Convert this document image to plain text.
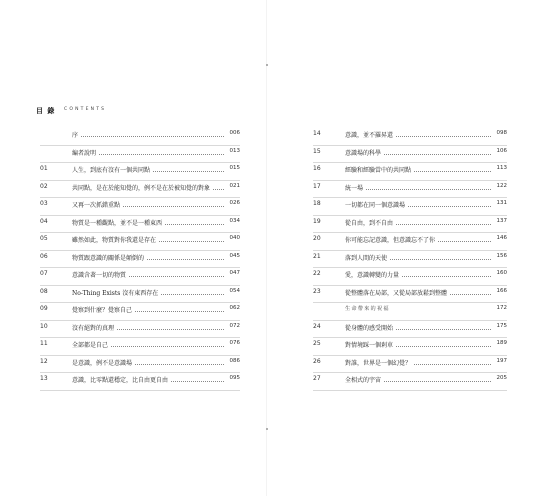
目 錄 CONTENTS
序	006
編者說明	013
01	人生，到底有沒有一個共同點	015
02	共同點，是在於能知覺的，例不是在於被知覺的對象	021
03	又再一次抓錯重點	026
04	物質是一種觀點，並不是一種東西	034
05	雖然如此，物質對你我還是存在	040
06	物質跟意識的關係是顛倒的	045
07	意識含著一切的物質	047
08	No-Thing Exists 沒有東西存在	054
09	覺察到什麼？覺察自己	062
10	沒有絕對的真理	072
11	全部都是自己	076
12	是意識，例不是意識場	086
13	意識，比零點還穩定，比自由更自由	095
14	意識，並不羅昇還	098
15	意識場的科學	106
16	經驗和經驗當中的共同點	113
17	統一場	122
18	一切都在同一個意識場	131
19	從自由，到不自由	137
20	你可能忘記意識，但意識忘不了你	146
21	落到人間的天使	156
22	愛，意識轉變的力量	160
23	從整體落在局部，又從局部放鬆到整體	166
生命帶來的祝福	172
24	從身體的感受開始	175
25	對情境踩一個剎車	189
26	對誰，世界是一個幻覺？	197
27	全相式的宇宙	205
